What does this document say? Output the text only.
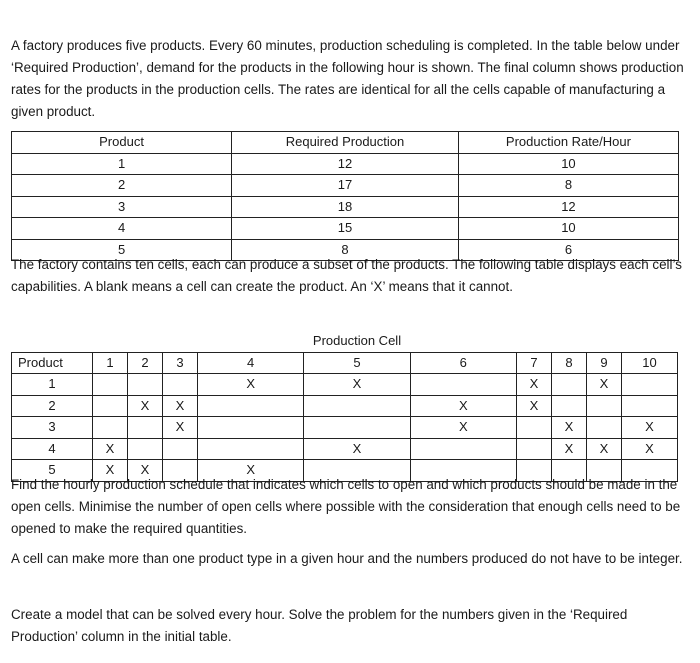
A factory produces five products. Every 60 minutes, production scheduling is completed. In the table below under ‘Required Production’, demand for the products in the following hour is shown. The final column shows production rates for the products in the production cells. The rates are identical for all the cells capable of manufacturing a given product.

Product	Required Production	Production Rate/Hour
1	12	10
2	17	8
3	18	12
4	15	10
5	8	6

The factory contains ten cells, each can produce a subset of the products. The following table displays each cell’s capabilities. A blank means a cell can create the product. An ‘X’ means that it cannot.

				Production Cell						
Product	1	2	3	4	5	6	7	8	9	10
1				X	X		X		X	
2		X	X			X	X			
3			X			X		X		X
4	X				X			X	X	X
5	X	X		X						

Find the hourly production schedule that indicates which cells to open and which products should be made in the open cells. Minimise the number of open cells where possible with the consideration that enough cells need to be opened to make the required quantities.

A cell can make more than one product type in a given hour and the numbers produced do not have to be integer.

Create a model that can be solved every hour. Solve the problem for the numbers given in the ‘Required Production’ column in the initial table.
